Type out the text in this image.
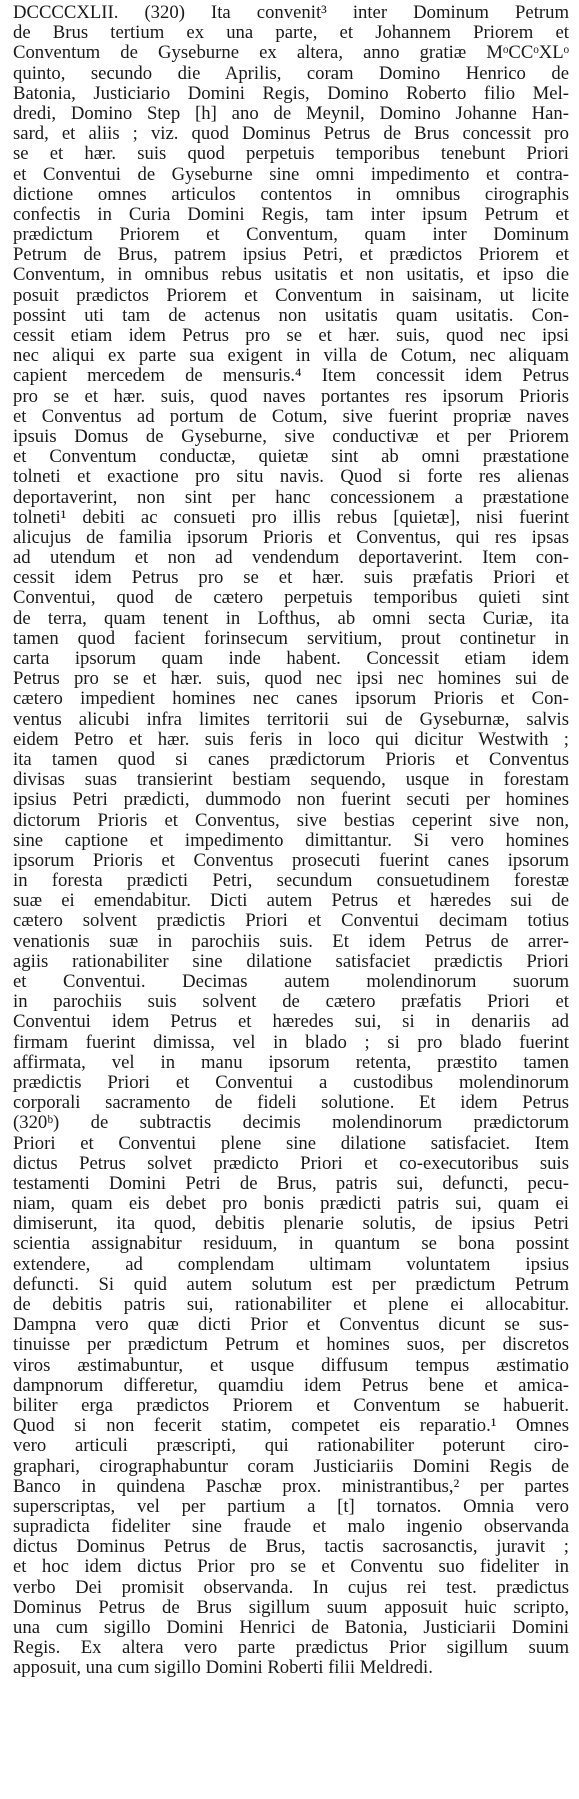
DCCCCXLII. (320) Ita convenit³ inter Dominum Petrum
de Brus tertium ex una parte, et Johannem Priorem et
Conventum de Gyseburne ex altera, anno gratiæ MᵒCCᵒXLᵒ
quinto, secundo die Aprilis, coram Domino Henrico de
Batonia, Justiciario Domini Regis, Domino Roberto filio Mel-
dredi, Domino Step [h] ano de Meynil, Domino Johanne Han-
sard, et aliis ; viz. quod Dominus Petrus de Brus concessit pro
se et hær. suis quod perpetuis temporibus tenebunt Priori
et Conventui de Gyseburne sine omni impedimento et contra-
dictione omnes articulos contentos in omnibus cirographis
confectis in Curia Domini Regis, tam inter ipsum Petrum et
prædictum Priorem et Conventum, quam inter Dominum
Petrum de Brus, patrem ipsius Petri, et prædictos Priorem et
Conventum, in omnibus rebus usitatis et non usitatis, et ipso die
posuit prædictos Priorem et Conventum in saisinam, ut licite
possint uti tam de actenus non usitatis quam usitatis. Con-
cessit etiam idem Petrus pro se et hær. suis, quod nec ipsi
nec aliqui ex parte sua exigent in villa de Cotum, nec aliquam
capient mercedem de mensuris.⁴ Item concessit idem Petrus
pro se et hær. suis, quod naves portantes res ipsorum Prioris
et Conventus ad portum de Cotum, sive fuerint propriæ naves
ipsuis Domus de Gyseburne, sive conductivæ et per Priorem
et Conventum conductæ, quietæ sint ab omni præstatione
tolneti et exactione pro situ navis. Quod si forte res alienas
deportaverint, non sint per hanc concessionem a præstatione
tolneti¹ debiti ac consueti pro illis rebus [quietæ], nisi fuerint
alicujus de familia ipsorum Prioris et Conventus, qui res ipsas
ad utendum et non ad vendendum deportaverint. Item con-
cessit idem Petrus pro se et hær. suis præfatis Priori et
Conventui, quod de cætero perpetuis temporibus quieti sint
de terra, quam tenent in Lofthus, ab omni secta Curiæ, ita
tamen quod facient forinsecum servitium, prout continetur in
carta ipsorum quam inde habent. Concessit etiam idem
Petrus pro se et hær. suis, quod nec ipsi nec homines sui de
cætero impedient homines nec canes ipsorum Prioris et Con-
ventus alicubi infra limites territorii sui de Gyseburnæ, salvis
eidem Petro et hær. suis feris in loco qui dicitur Westwith ;
ita tamen quod si canes prædictorum Prioris et Conventus
divisas suas transierint bestiam sequendo, usque in forestam
ipsius Petri prædicti, dummodo non fuerint secuti per homines
dictorum Prioris et Conventus, sive bestias ceperint sive non,
sine captione et impedimento dimittantur. Si vero homines
ipsorum Prioris et Conventus prosecuti fuerint canes ipsorum
in foresta prædicti Petri, secundum consuetudinem forestæ
suæ ei emendabitur. Dicti autem Petrus et hæredes sui de
cætero solvent prædictis Priori et Conventui decimam totius
venationis suæ in parochiis suis. Et idem Petrus de arrer-
agiis rationabiliter sine dilatione satisfaciet prædictis Priori
et Conventui. Decimas autem molendinorum suorum
in parochiis suis solvent de cætero præfatis Priori et
Conventui idem Petrus et hæredes sui, si in denariis ad
firmam fuerint dimissa, vel in blado ; si pro blado fuerint
affirmata, vel in manu ipsorum retenta, præstito tamen
prædictis Priori et Conventui a custodibus molendinorum
corporali sacramento de fideli solutione. Et idem Petrus
(320ᵇ) de subtractis decimis molendinorum prædictorum
Priori et Conventui plene sine dilatione satisfaciet. Item
dictus Petrus solvet prædicto Priori et co-executoribus suis
testamenti Domini Petri de Brus, patris sui, defuncti, pecu-
niam, quam eis debet pro bonis prædicti patris sui, quam ei
dimiserunt, ita quod, debitis plenarie solutis, de ipsius Petri
scientia assignabitur residuum, in quantum se bona possint
extendere, ad complendam ultimam voluntatem ipsius
defuncti. Si quid autem solutum est per prædictum Petrum
de debitis patris sui, rationabiliter et plene ei allocabitur.
Dampna vero quæ dicti Prior et Conventus dicunt se sus-
tinuisse per prædictum Petrum et homines suos, per discretos
viros æstimabuntur, et usque diffusum tempus æstimatio
dampnorum differetur, quamdiu idem Petrus bene et amica-
biliter erga prædictos Priorem et Conventum se habuerit.
Quod si non fecerit statim, competet eis reparatio.¹ Omnes
vero articuli præscripti, qui rationabiliter poterunt ciro-
graphari, cirographabuntur coram Justiciariis Domini Regis de
Banco in quindena Paschæ prox. ministrantibus,² per partes
superscriptas, vel per partium a [t] tornatos. Omnia vero
supradicta fideliter sine fraude et malo ingenio observanda
dictus Dominus Petrus de Brus, tactis sacrosanctis, juravit ;
et hoc idem dictus Prior pro se et Conventu suo fideliter in
verbo Dei promisit observanda. In cujus rei test. prædictus
Dominus Petrus de Brus sigillum suum apposuit huic scripto,
una cum sigillo Domini Henrici de Batonia, Justiciarii Domini
Regis. Ex altera vero parte prædictus Prior sigillum suum
apposuit, una cum sigillo Domini Roberti filii Meldredi.
